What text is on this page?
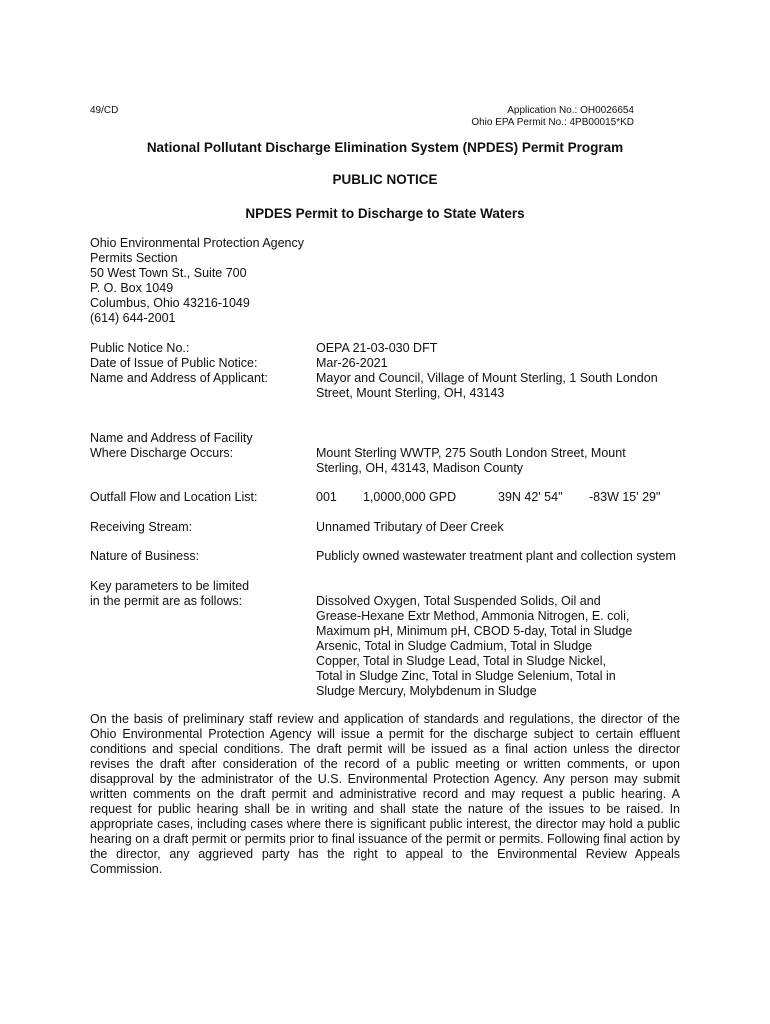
49/CD	Application No.: OH0026654
Ohio EPA Permit No.: 4PB00015*KD
National Pollutant Discharge Elimination System (NPDES) Permit Program
PUBLIC NOTICE
NPDES Permit to Discharge to State Waters
Ohio Environmental Protection Agency
Permits Section
50 West Town St., Suite 700
P. O. Box 1049
Columbus, Ohio 43216-1049
(614) 644-2001
Public Notice No.:	OEPA 21-03-030 DFT
Date of Issue of Public Notice:	Mar-26-2021
Name and Address of Applicant:	Mayor and Council, Village of Mount Sterling, 1 South London Street, Mount Sterling, OH, 43143
Name and Address of Facility
Where Discharge Occurs:	Mount Sterling WWTP, 275 South London Street, Mount Sterling, OH, 43143, Madison County
Outfall Flow and Location List:	001 1,0000,000 GPD	39N 42' 54" -83W 15' 29"
Receiving Stream:	Unnamed Tributary of Deer Creek
Nature of Business:	Publicly owned wastewater treatment plant and collection system
Key parameters to be limited
in the permit are as follows:	Dissolved Oxygen, Total Suspended Solids, Oil and Grease-Hexane Extr Method, Ammonia Nitrogen, E. coli, Maximum pH, Minimum pH, CBOD 5-day, Total in Sludge Arsenic, Total in Sludge Cadmium, Total in Sludge Copper, Total in Sludge Lead, Total in Sludge Nickel, Total in Sludge Zinc, Total in Sludge Selenium, Total in Sludge Mercury, Molybdenum in Sludge
On the basis of preliminary staff review and application of standards and regulations, the director of the Ohio Environmental Protection Agency will issue a permit for the discharge subject to certain effluent conditions and special conditions. The draft permit will be issued as a final action unless the director revises the draft after consideration of the record of a public meeting or written comments, or upon disapproval by the administrator of the U.S. Environmental Protection Agency. Any person may submit written comments on the draft permit and administrative record and may request a public hearing. A request for public hearing shall be in writing and shall state the nature of the issues to be raised. In appropriate cases, including cases where there is significant public interest, the director may hold a public hearing on a draft permit or permits prior to final issuance of the permit or permits. Following final action by the director, any aggrieved party has the right to appeal to the Environmental Review Appeals Commission.
